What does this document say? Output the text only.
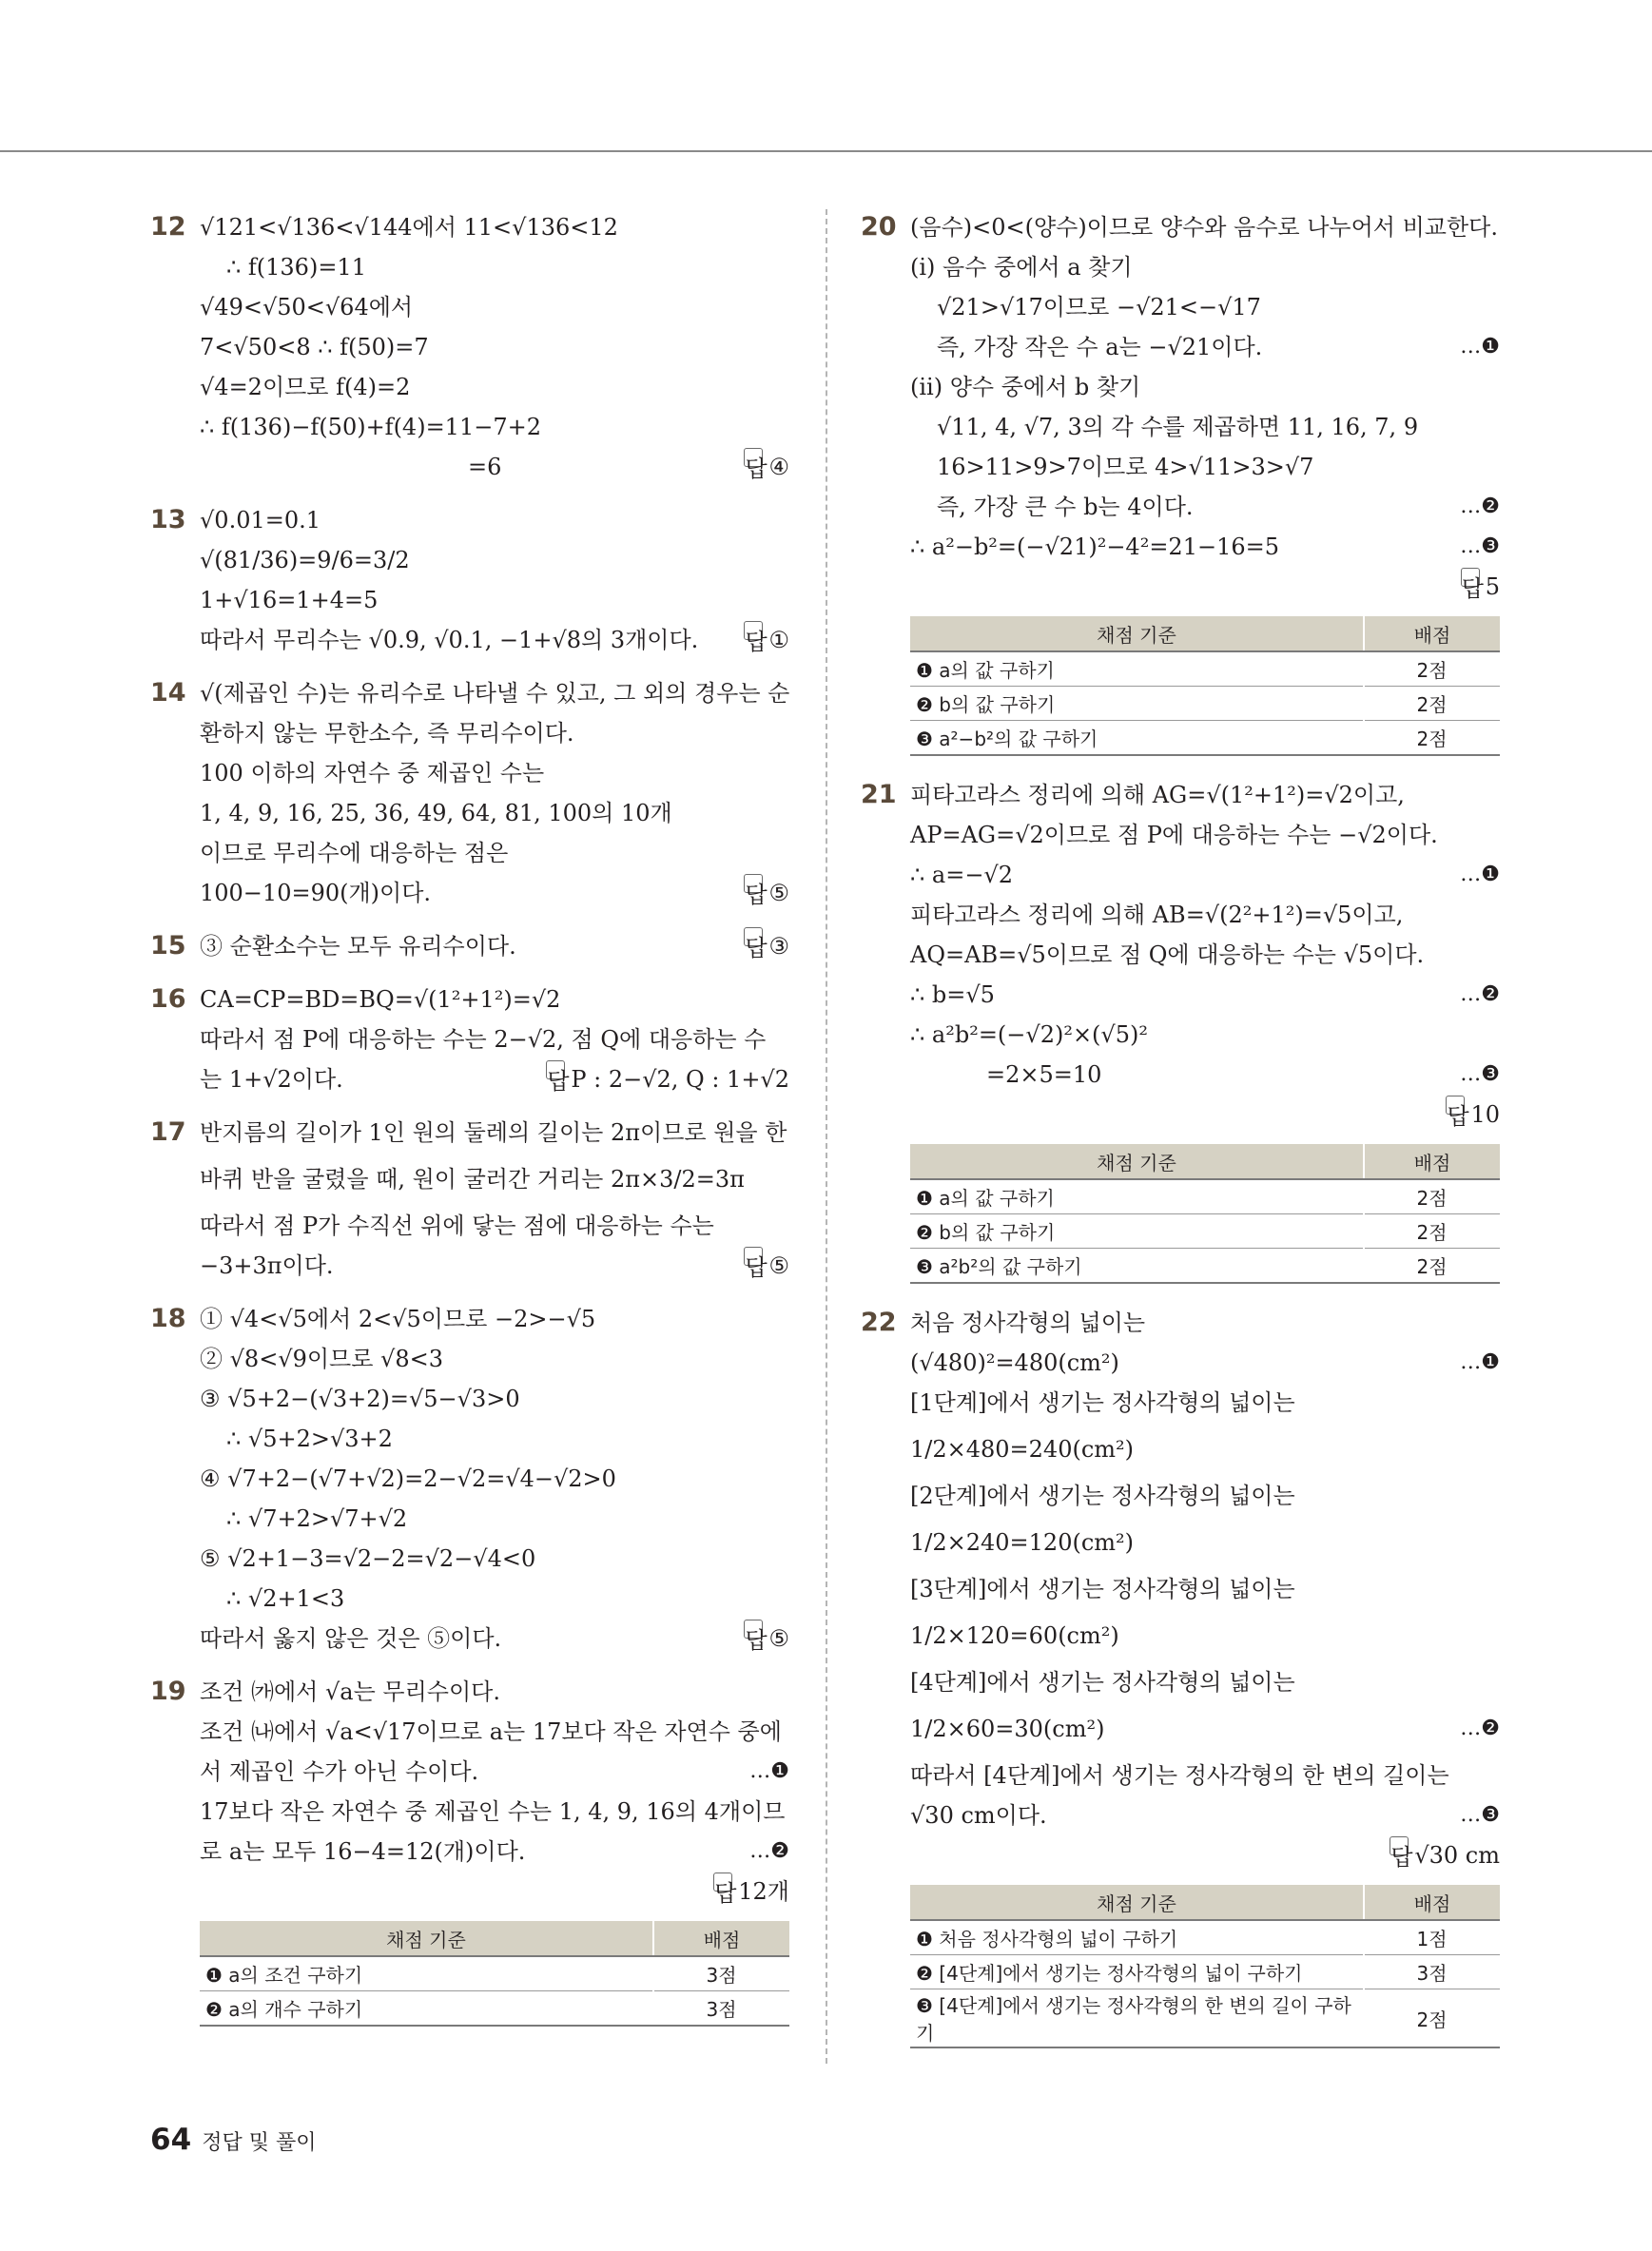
12 √121<√136<√144에서 11<√136<12
∴ f(136)=11
√49<√50<√64에서
7<√50<8 ∴ f(50)=7
√4=2이므로 f(4)=2
∴ f(136)−f(50)+f(4)=11−7+2
=6	답④
13 √0.01=0.1
√(81/36)=9/6=3/2
1+√16=1+4=5
따라서 무리수는 √0.9, √0.1, −1+√8의 3개이다. 답①
14 √(제곱인 수)는 유리수로 나타낼 수 있고, 그 외의 경우는 순
환하지 않는 무한소수, 즉 무리수이다.
100 이하의 자연수 중 제곱인 수는
1, 4, 9, 16, 25, 36, 49, 64, 81, 100의 10개
이므로 무리수에 대응하는 점은
100−10=90(개)이다.	답⑤
15 ③ 순환소수는 모두 유리수이다.	답③
16 CA=CP=BD=BQ=√(1²+1²)=√2
따라서 점 P에 대응하는 수는 2−√2, 점 Q에 대응하는 수
는 1+√2이다.	답P : 2−√2, Q : 1+√2
17 반지름의 길이가 1인 원의 둘레의 길이는 2π이므로 원을 한
바퀴 반을 굴렸을 때, 원이 굴러간 거리는 2π×3/2=3π
따라서 점 P가 수직선 위에 닿는 점에 대응하는 수는
−3+3π이다.	답⑤
18 ① √4<√5에서 2<√5이므로 −2>−√5
② √8<√9이므로 √8<3
③ √5+2−(√3+2)=√5−√3>0
∴ √5+2>√3+2
④ √7+2−(√7+√2)=2−√2=√4−√2>0
∴ √7+2>√7+√2
⑤ √2+1−3=√2−2=√2−√4<0
∴ √2+1<3
따라서 옳지 않은 것은 ⑤이다.	답⑤
19 조건 ㈎에서 √a는 무리수이다.
조건 ㈏에서 √a<√17이므로 a는 17보다 작은 자연수 중에
서 제곱인 수가 아닌 수이다.	…❶
17보다 작은 자연수 중 제곱인 수는 1, 4, 9, 16의 4개이므
로 a는 모두 16−4=12(개)이다.	…❷
답12개

채점 기준	배점
❶ a의 조건 구하기	3점
❷ a의 개수 구하기	3점
20 (음수)<0<(양수)이므로 양수와 음수로 나누어서 비교한다.
(ⅰ) 음수 중에서 a 찾기
√21>√17이므로 −√21<−√17
즉, 가장 작은 수 a는 −√21이다.	…❶
(ⅱ) 양수 중에서 b 찾기
√11, 4, √7, 3의 각 수를 제곱하면 11, 16, 7, 9
16>11>9>7이므로 4>√11>3>√7
즉, 가장 큰 수 b는 4이다.	…❷
∴ a²−b²=(−√21)²−4²=21−16=5	…❸
답5

채점 기준	배점
❶ a의 값 구하기	2점
❷ b의 값 구하기	2점
❸ a²−b²의 값 구하기	2점
21 피타고라스 정리에 의해 AG=√(1²+1²)=√2이고,
AP=AG=√2이므로 점 P에 대응하는 수는 −√2이다.
∴ a=−√2	…❶
피타고라스 정리에 의해 AB=√(2²+1²)=√5이고,
AQ=AB=√5이므로 점 Q에 대응하는 수는 √5이다.
∴ b=√5	…❷
∴ a²b²=(−√2)²×(√5)²
=2×5=10	…❸
답10

채점 기준	배점
❶ a의 값 구하기	2점
❷ b의 값 구하기	2점
❸ a²b²의 값 구하기	2점
22 처음 정사각형의 넓이는
(√480)²=480(cm²)	…❶
[1단계]에서 생기는 정사각형의 넓이는
1/2×480=240(cm²)
[2단계]에서 생기는 정사각형의 넓이는
1/2×240=120(cm²)
[3단계]에서 생기는 정사각형의 넓이는
1/2×120=60(cm²)
[4단계]에서 생기는 정사각형의 넓이는
1/2×60=30(cm²)	…❷
따라서 [4단계]에서 생기는 정사각형의 한 변의 길이는
√30 cm이다.	…❸
답√30 cm

채점 기준	배점
❶ 처음 정사각형의 넓이 구하기	1점
❷ [4단계]에서 생기는 정사각형의 넓이 구하기	3점
❸ [4단계]에서 생기는 정사각형의 한 변의 길이 구하기	2점
64 정답 및 풀이
